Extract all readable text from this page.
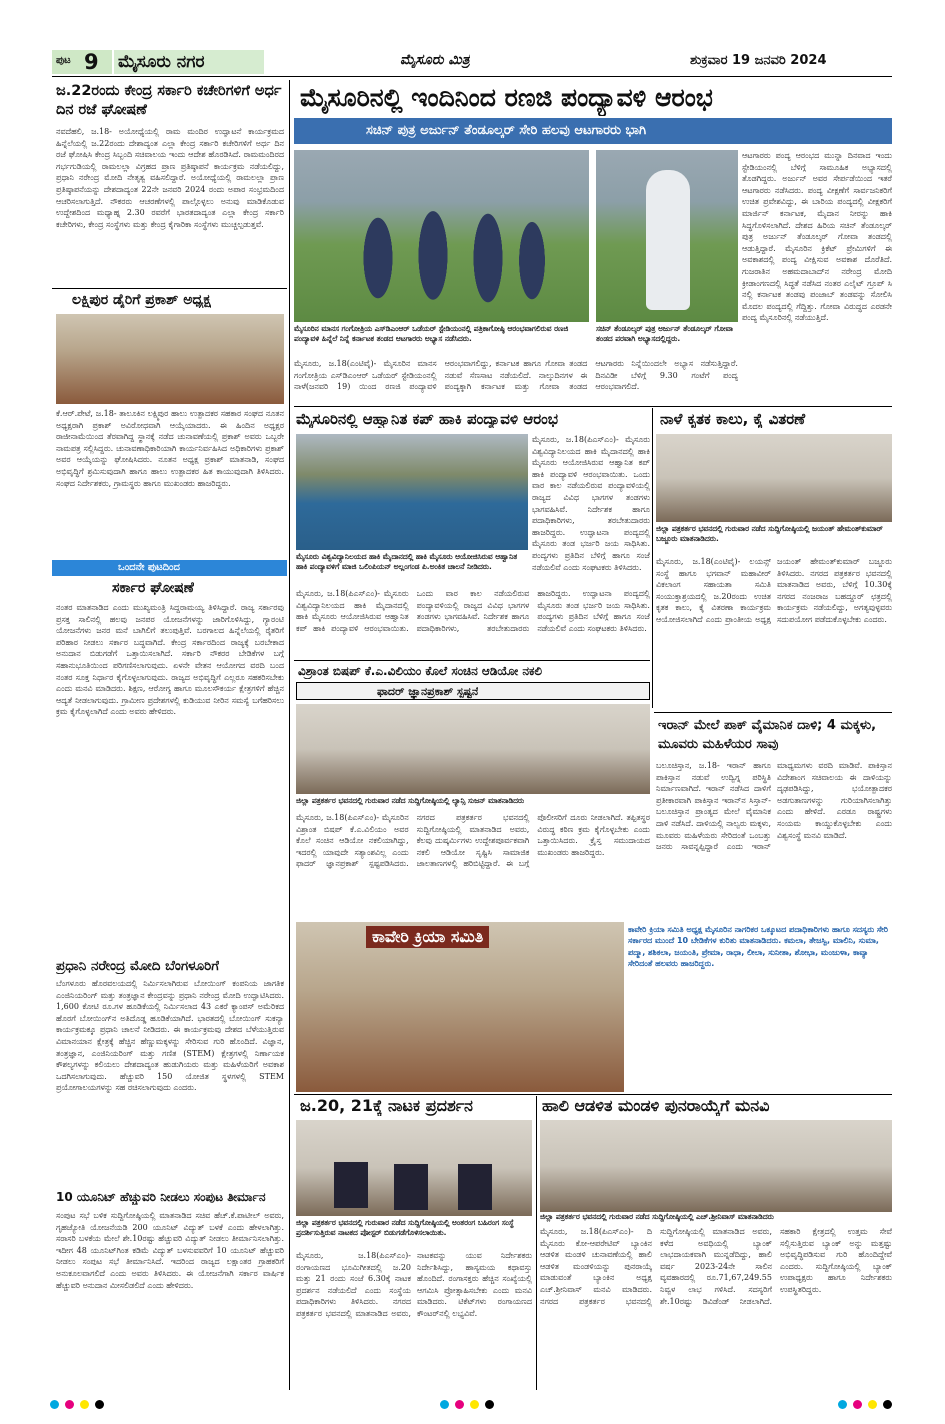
ಪುಟ 9 ಮೈಸೂರು ನಗರ	ಮೈಸೂರು ಮಿತ್ರ	ಶುಕ್ರವಾರ 19 ಜನವರಿ 2024
ಜ.22ರಂದು ಕೇಂದ್ರ ಸರ್ಕಾರಿ ಕಚೇರಿಗಳಿಗೆ ಅರ್ಧ ದಿನ ರಜೆ ಘೋಷಣೆ
ನವದೆಹಲಿ, ಜ.18- ಅಯೋಧ್ಯೆಯಲ್ಲಿ ರಾಮ ಮಂದಿರ ಉದ್ಘಾಟನೆ ಕಾರ್ಯಕ್ರಮದ ಹಿನ್ನೆಲೆಯಲ್ಲಿ ಜ.22ರಂದು ದೇಶಾದ್ಯಂತ ಎಲ್ಲಾ ಕೇಂದ್ರ ಸರ್ಕಾರಿ ಕಚೇರಿಗಳಿಗೆ ಅರ್ಧ ದಿನ ರಜೆ ಘೋಷಿಸಿ ಕೇಂದ್ರ ಸಿಬ್ಬಂದಿ ಸಚಿವಾಲಯ ಇಂದು ಆದೇಶ ಹೊರಡಿಸಿದೆ. ರಾಮಮಂದಿರದ ಗರ್ಭಗುಡಿಯಲ್ಲಿ ರಾಮಲಲ್ಲಾ ವಿಗ್ರಹದ ಪ್ರಾಣ ಪ್ರತಿಷ್ಠಾಪನೆ ಕಾರ್ಯಕ್ರಮ ನಡೆಯಲಿದ್ದು, ಪ್ರಧಾನಿ ನರೇಂದ್ರ ಮೋದಿ ನೇತೃತ್ವ ವಹಿಸಲಿದ್ದಾರೆ. ಅಯೋಧ್ಯೆಯಲ್ಲಿ ರಾಮಲಲ್ಲಾ ಪ್ರಾಣ ಪ್ರತಿಷ್ಠಾಪನೆಯನ್ನು ದೇಶದಾದ್ಯಂತ 22ನೇ ಜನವರಿ 2024 ರಂದು ಅಪಾರ ಸಂಭ್ರಮದಿಂದ ಆಚರಿಸಲಾಗುತ್ತಿದೆ. ನೌಕರರು ಆಚರಣೆಗಳಲ್ಲಿ ಪಾಲ್ಗೊಳ್ಳಲು ಅನುವು ಮಾಡಿಕೊಡುವ ಉದ್ದೇಶದಿಂದ ಮಧ್ಯಾಹ್ನ 2.30 ರವರೆಗೆ ಭಾರತದಾದ್ಯಂತ ಎಲ್ಲಾ ಕೇಂದ್ರ ಸರ್ಕಾರಿ ಕಚೇರಿಗಳು, ಕೇಂದ್ರ ಸಂಸ್ಥೆಗಳು ಮತ್ತು ಕೇಂದ್ರ ಕೈಗಾರಿಕಾ ಸಂಸ್ಥೆಗಳು ಮುಚ್ಚಲ್ಪಡುತ್ತವೆ.
ಲಕ್ಷ್ಮಿಪುರ ಡೈರಿಗೆ ಪ್ರಕಾಶ್ ಅಧ್ಯಕ್ಷ
ಕೆ.ಆರ್.ಪೇಟೆ, ಜ.18- ತಾಲೂಕಿನ ಲಕ್ಷ್ಮಿಪುರ ಹಾಲು ಉತ್ಪಾದಕರ ಸಹಕಾರ ಸಂಘದ ನೂತನ ಅಧ್ಯಕ್ಷರಾಗಿ ಪ್ರಕಾಶ್ ಅವಿರೋಧವಾಗಿ ಆಯ್ಕೆಯಾದರು. ಈ ಹಿಂದಿನ ಅಧ್ಯಕ್ಷರ ರಾಜೀನಾಮೆಯಿಂದ ತೆರವಾಗಿದ್ದ ಸ್ಥಾನಕ್ಕೆ ನಡೆದ ಚುನಾವಣೆಯಲ್ಲಿ ಪ್ರಕಾಶ್ ಅವರು ಒಬ್ಬರೇ ನಾಮಪತ್ರ ಸಲ್ಲಿಸಿದ್ದರು. ಚುನಾವಣಾಧಿಕಾರಿಯಾಗಿ ಕಾರ್ಯನಿರ್ವಹಿಸಿದ ಅಧಿಕಾರಿಗಳು ಪ್ರಕಾಶ್ ಅವರ ಆಯ್ಕೆಯನ್ನು ಘೋಷಿಸಿದರು. ನೂತನ ಅಧ್ಯಕ್ಷ ಪ್ರಕಾಶ್ ಮಾತನಾಡಿ, ಸಂಘದ ಅಭಿವೃದ್ಧಿಗೆ ಶ್ರಮಿಸುವುದಾಗಿ ಹಾಗೂ ಹಾಲು ಉತ್ಪಾದಕರ ಹಿತ ಕಾಯುವುದಾಗಿ ತಿಳಿಸಿದರು. ಸಂಘದ ನಿರ್ದೇಶಕರು, ಗ್ರಾಮಸ್ಥರು ಹಾಗೂ ಮುಖಂಡರು ಹಾಜರಿದ್ದರು.
ಒಂದನೇ ಪುಟದಿಂದ
ಸರ್ಕಾರ ಘೋಷಣೆ
ನಂತರ ಮಾತನಾಡಿದ ಎಂದು ಮುಖ್ಯಮಂತ್ರಿ ಸಿದ್ದರಾಮಯ್ಯ ತಿಳಿಸಿದ್ದಾರೆ. ರಾಜ್ಯ ಸರ್ಕಾರವು ಪ್ರಸಕ್ತ ಸಾಲಿನಲ್ಲಿ ಹಲವು ಜನಪರ ಯೋಜನೆಗಳನ್ನು ಜಾರಿಗೊಳಿಸಿದ್ದು, ಗ್ಯಾರಂಟಿ ಯೋಜನೆಗಳು ಜನರ ಮನೆ ಬಾಗಿಲಿಗೆ ತಲುಪುತ್ತಿವೆ. ಬರಗಾಲದ ಹಿನ್ನೆಲೆಯಲ್ಲಿ ರೈತರಿಗೆ ಪರಿಹಾರ ನೀಡಲು ಸರ್ಕಾರ ಬದ್ಧವಾಗಿದೆ. ಕೇಂದ್ರ ಸರ್ಕಾರದಿಂದ ರಾಜ್ಯಕ್ಕೆ ಬರಬೇಕಾದ ಅನುದಾನ ಬಿಡುಗಡೆಗೆ ಒತ್ತಾಯಿಸಲಾಗಿದೆ. ಸರ್ಕಾರಿ ನೌಕರರ ಬೇಡಿಕೆಗಳ ಬಗ್ಗೆ ಸಹಾನುಭೂತಿಯಿಂದ ಪರಿಗಣಿಸಲಾಗುವುದು. ಏಳನೇ ವೇತನ ಆಯೋಗದ ವರದಿ ಬಂದ ನಂತರ ಸೂಕ್ತ ನಿರ್ಧಾರ ಕೈಗೊಳ್ಳಲಾಗುವುದು. ರಾಜ್ಯದ ಅಭಿವೃದ್ಧಿಗೆ ಎಲ್ಲರೂ ಸಹಕರಿಸಬೇಕು ಎಂದು ಮನವಿ ಮಾಡಿದರು. ಶಿಕ್ಷಣ, ಆರೋಗ್ಯ ಹಾಗೂ ಮೂಲಸೌಕರ್ಯ ಕ್ಷೇತ್ರಗಳಿಗೆ ಹೆಚ್ಚಿನ ಆದ್ಯತೆ ನೀಡಲಾಗುವುದು. ಗ್ರಾಮೀಣ ಪ್ರದೇಶಗಳಲ್ಲಿ ಕುಡಿಯುವ ನೀರಿನ ಸಮಸ್ಯೆ ಬಗೆಹರಿಸಲು ಕ್ರಮ ಕೈಗೊಳ್ಳಲಾಗಿದೆ ಎಂದು ಅವರು ಹೇಳಿದರು.
ಪ್ರಧಾನಿ ನರೇಂದ್ರ ಮೋದಿ ಬೆಂಗಳೂರಿಗೆ
ಬೆಂಗಳೂರು ಹೊರವಲಯದಲ್ಲಿ ನಿರ್ಮಿಸಲಾಗಿರುವ ಬೋಯಿಂಗ್ ಕಂಪನಿಯ ಜಾಗತಿಕ ಎಂಜಿನಿಯರಿಂಗ್ ಮತ್ತು ತಂತ್ರಜ್ಞಾನ ಕೇಂದ್ರವನ್ನು ಪ್ರಧಾನಿ ನರೇಂದ್ರ ಮೋದಿ ಉದ್ಘಾಟಿಸಿದರು. 1,600 ಕೋಟಿ ರೂ.ಗಳ ಹೂಡಿಕೆಯಲ್ಲಿ ನಿರ್ಮಿಸಲಾದ 43 ಎಕರೆ ಕ್ಯಾಂಪಸ್ ಅಮೆರಿಕದ ಹೊರಗೆ ಬೋಯಿಂಗ್‌ನ ಅತಿದೊಡ್ಡ ಹೂಡಿಕೆಯಾಗಿದೆ. ಭಾರತದಲ್ಲಿ ಬೋಯಿಂಗ್ ಸುಕನ್ಯಾ ಕಾರ್ಯಕ್ರಮಕ್ಕೂ ಪ್ರಧಾನಿ ಚಾಲನೆ ನೀಡಿದರು. ಈ ಕಾರ್ಯಕ್ರಮವು ದೇಶದ ಬೆಳೆಯುತ್ತಿರುವ ವಿಮಾನಯಾನ ಕ್ಷೇತ್ರಕ್ಕೆ ಹೆಚ್ಚಿನ ಹೆಣ್ಣುಮಕ್ಕಳನ್ನು ಸೇರಿಸುವ ಗುರಿ ಹೊಂದಿದೆ. ವಿಜ್ಞಾನ, ತಂತ್ರಜ್ಞಾನ, ಎಂಜಿನಿಯರಿಂಗ್ ಮತ್ತು ಗಣಿತ (STEM) ಕ್ಷೇತ್ರಗಳಲ್ಲಿ ನಿರ್ಣಾಯಕ ಕೌಶಲ್ಯಗಳನ್ನು ಕಲಿಯಲು ದೇಶದಾದ್ಯಂತ ಹುಡುಗಿಯರು ಮತ್ತು ಮಹಿಳೆಯರಿಗೆ ಅವಕಾಶ ಒದಗಿಸಲಾಗುವುದು. ಹೆಚ್ಚುವರಿ 150 ಯೋಜಿತ ಸ್ಥಳಗಳಲ್ಲಿ STEM ಪ್ರಯೋಗಾಲಯಗಳನ್ನು ಸಹ ರಚಿಸಲಾಗುವುದು ಎಂದರು.
10 ಯೂನಿಟ್ ಹೆಚ್ಚುವರಿ ನೀಡಲು ಸಂಪುಟ ತೀರ್ಮಾನ
ಸಂಪುಟ ಸಭೆ ಬಳಿಕ ಸುದ್ದಿಗೋಷ್ಠಿಯಲ್ಲಿ ಮಾತನಾಡಿದ ಸಚಿವ ಹೆಚ್.ಕೆ.ಪಾಟೀಲ್ ಅವರು, ಗೃಹಜ್ಯೋತಿ ಯೋಜನೆಯಡಿ 200 ಯೂನಿಟ್ ವಿದ್ಯುತ್ ಬಳಕೆ ಎಂದು ಹೇಳಲಾಗಿತ್ತು. ಸರಾಸರಿ ಬಳಕೆಯ ಮೇಲೆ ಶೇ.10ರಷ್ಟು ಹೆಚ್ಚುವರಿ ವಿದ್ಯುತ್ ನೀಡಲು ತೀರ್ಮಾನಿಸಲಾಗಿತ್ತು. ಇದೀಗ 48 ಯೂನಿಟ್‌ಗಿಂತ ಕಡಿಮೆ ವಿದ್ಯುತ್ ಬಳಸುವವರಿಗೆ 10 ಯೂನಿಟ್ ಹೆಚ್ಚುವರಿ ನೀಡಲು ಸಂಪುಟ ಸಭೆ ತೀರ್ಮಾನಿಸಿದೆ. ಇದರಿಂದ ರಾಜ್ಯದ ಲಕ್ಷಾಂತರ ಗ್ರಾಹಕರಿಗೆ ಅನುಕೂಲವಾಗಲಿದೆ ಎಂದು ಅವರು ತಿಳಿಸಿದರು. ಈ ಯೋಜನೆಗಾಗಿ ಸರ್ಕಾರ ವಾರ್ಷಿಕ ಹೆಚ್ಚುವರಿ ಅನುದಾನ ಮೀಸಲಿಡಲಿದೆ ಎಂದು ಹೇಳಿದರು.
ಮೈಸೂರಿನಲ್ಲಿ ಇಂದಿನಿಂದ ರಣಜಿ ಪಂದ್ಯಾವಳಿ ಆರಂಭ
ಸಚಿನ್ ಪುತ್ರ ಅರ್ಜುನ್ ತೆಂಡೂಲ್ಕರ್ ಸೇರಿ ಹಲವು ಆಟಗಾರರು ಭಾಗಿ
ಮೈಸೂರಿನ ಮಾನಸ ಗಂಗೋತ್ರಿಯ ಎಸ್‌ಡಿಎಂಆರ್ ಒಡೆಯರ್ ಸ್ಟೇಡಿಯಂನಲ್ಲಿ ಪತ್ರಿಕಾಗೋಷ್ಠಿ ಆರಂಭವಾಗಲಿರುವ ರಣಜಿ ಪಂದ್ಯಾವಳಿ ಹಿನ್ನೆಲೆ ನಿನ್ನೆ ಕರ್ನಾಟಕ ತಂಡದ ಆಟಗಾರರು ಅಭ್ಯಾಸ ನಡೆಸಿದರು.
ಸಚಿನ್ ತೆಂಡೂಲ್ಕರ್ ಪುತ್ರ ಅರ್ಜುನ್ ತೆಂಡೂಲ್ಕರ್ ಗೋವಾ ತಂಡದ ಪರವಾಗಿ ಅಭ್ಯಾಸದಲ್ಲಿದ್ದರು.
ಮೈಸೂರು, ಜ.18(ಎಂಟಿವೈ)- ಮೈಸೂರಿನ ಮಾನಸ ಗಂಗೋತ್ರಿಯ ಎಸ್‌ಡಿಎಂಆರ್ ಒಡೆಯರ್ ಸ್ಟೇಡಿಯಂನಲ್ಲಿ ನಾಳೆ(ಜನವರಿ 19) ಯಿಂದ ರಣಜಿ ಪಂದ್ಯಾವಳಿ ಆರಂಭವಾಗಲಿದ್ದು, ಕರ್ನಾಟಕ ಹಾಗೂ ಗೋವಾ ತಂಡದ ನಡುವೆ ಸೆಣಸಾಟ ನಡೆಯಲಿದೆ. ನಾಲ್ಕುದಿನಗಳ ಈ ಪಂದ್ಯಕ್ಕಾಗಿ ಕರ್ನಾಟಕ ಮತ್ತು ಗೋವಾ ತಂಡದ ಆಟಗಾರರು ನಿನ್ನೆಯಿಂದಲೇ ಅಭ್ಯಾಸ ನಡೆಸುತ್ತಿದ್ದಾರೆ. ದಿನವಿಡೀ ಬೆಳಿಗ್ಗೆ 9.30 ಗಂಟೆಗೆ ಪಂದ್ಯ ಆರಂಭವಾಗಲಿದೆ.
ಆಟಗಾರರು ಪಂದ್ಯ ಆರಂಭದ ಮುನ್ನಾ ದಿನವಾದ ಇಂದು ಸ್ಟೇಡಿಯಂನಲ್ಲಿ ಬೆಳಿಗ್ಗೆ ಸಾಮೂಹಿಕ ಅಭ್ಯಾಸದಲ್ಲಿ ತೊಡಗಿದ್ದರು. ಅರ್ಜುನ್ ಅವರ ಸೇರ್ಪಡೆಯಿಂದ ಇತರೆ ಆಟಗಾರರು ನಡೆಸಿದರು. ಪಂದ್ಯ ವೀಕ್ಷಣೆಗೆ ಸಾರ್ವಜನಿಕರಿಗೆ ಉಚಿತ ಪ್ರವೇಶವಿದ್ದು, ಈ ಬಾರಿಯ ಪಂದ್ಯದಲ್ಲಿ ವೀಕ್ಷಕರಿಗೆ ಮಾರ್ಜಿನ್ ಕರ್ನಾಟಕ, ಮೈದಾನ ನೀರನ್ನು ಹಾಕಿ ಸಿದ್ಧಗೊಳಿಸಲಾಗಿದೆ. ದೇಶದ ಹಿರಿಯ ಸಚಿನ್ ತೆಂಡೂಲ್ಕರ್ ಪುತ್ರ ಅರ್ಜುನ್ ತೆಂಡೂಲ್ಕರ್ ಗೋವಾ ತಂಡದಲ್ಲಿ ಆಡುತ್ತಿದ್ದಾರೆ. ಮೈಸೂರಿನ ಕ್ರಿಕೆಟ್ ಪ್ರೇಮಿಗಳಿಗೆ ಈ ಅವಕಾಶದಲ್ಲಿ ಪಂದ್ಯ ವೀಕ್ಷಿಸುವ ಅವಕಾಶ ದೊರೆತಿದೆ. ಗುಜರಾತಿನ ಅಹಮದಾಬಾದ್‌ನ ನರೇಂದ್ರ ಮೋದಿ ಕ್ರೀಡಾಂಗಣದಲ್ಲಿ ಸಿದ್ಧತೆ ನಡೆಸಿದ ನಂತರ ಎಲೈಟ್ ಗ್ರೂಪ್ ಸಿ ನಲ್ಲಿ ಕರ್ನಾಟಕ ತಂಡವು ಪಂಜಾಬ್ ತಂಡವನ್ನು ಸೋಲಿಸಿ ಮೊದಲ ಪಂದ್ಯದಲ್ಲಿ ಗೆದ್ದಿತ್ತು. ಗೋವಾ ವಿರುದ್ಧದ ಎರಡನೇ ಪಂದ್ಯ ಮೈಸೂರಿನಲ್ಲಿ ನಡೆಯುತ್ತಿದೆ.
ಮೈಸೂರಿನಲ್ಲಿ ಆಹ್ವಾನಿತ ಕಪ್ ಹಾಕಿ ಪಂದ್ಯಾವಳಿ ಆರಂಭ
ಮೈಸೂರು, ಜ.18(ಪಿಎಸ್‌ಎಂ)- ಮೈಸೂರು ವಿಶ್ವವಿದ್ಯಾನಿಲಯದ ಹಾಕಿ ಮೈದಾನದಲ್ಲಿ ಹಾಕಿ ಮೈಸೂರು ಆಯೋಜಿಸಿರುವ ಆಹ್ವಾನಿತ ಕಪ್ ಹಾಕಿ ಪಂದ್ಯಾವಳಿ ಆರಂಭವಾಯಿತು. ಒಂದು ವಾರ ಕಾಲ ನಡೆಯಲಿರುವ ಪಂದ್ಯಾವಳಿಯಲ್ಲಿ ರಾಜ್ಯದ ವಿವಿಧ ಭಾಗಗಳ ತಂಡಗಳು ಭಾಗವಹಿಸಿವೆ. ನಿರ್ದೇಶಕ ಹಾಗೂ ಪದಾಧಿಕಾರಿಗಳು, ತರಬೇತುದಾರರು ಹಾಜರಿದ್ದರು. ಉದ್ಘಾಟನಾ ಪಂದ್ಯದಲ್ಲಿ ಮೈಸೂರು ತಂಡ ಭರ್ಜರಿ ಜಯ ಸಾಧಿಸಿತು. ಪಂದ್ಯಗಳು ಪ್ರತಿದಿನ ಬೆಳಿಗ್ಗೆ ಹಾಗೂ ಸಂಜೆ ನಡೆಯಲಿವೆ ಎಂದು ಸಂಘಟಕರು ತಿಳಿಸಿದರು.
ಮೈಸೂರು ವಿಶ್ವವಿದ್ಯಾನಿಲಯದ ಹಾಕಿ ಮೈದಾನದಲ್ಲಿ ಹಾಕಿ ಮೈಸೂರು ಆಯೋಜಿಸಿರುವ ಆಹ್ವಾನಿತ ಹಾಕಿ ಪಂದ್ಯಾವಳಿಗೆ ಮಾಜಿ ಒಲಿಂಪಿಯನ್ ಅಲ್ಲಂಗಂಡ ಪಿ.ಅಂಕಿತ ಚಾಲನೆ ನೀಡಿದರು.
ಮೈಸೂರು, ಜ.18(ಪಿಎಸ್‌ಎಂ)- ಮೈಸೂರು ವಿಶ್ವವಿದ್ಯಾನಿಲಯದ ಹಾಕಿ ಮೈದಾನದಲ್ಲಿ ಹಾಕಿ ಮೈಸೂರು ಆಯೋಜಿಸಿರುವ ಆಹ್ವಾನಿತ ಕಪ್ ಹಾಕಿ ಪಂದ್ಯಾವಳಿ ಆರಂಭವಾಯಿತು. ಒಂದು ವಾರ ಕಾಲ ನಡೆಯಲಿರುವ ಪಂದ್ಯಾವಳಿಯಲ್ಲಿ ರಾಜ್ಯದ ವಿವಿಧ ಭಾಗಗಳ ತಂಡಗಳು ಭಾಗವಹಿಸಿವೆ. ನಿರ್ದೇಶಕ ಹಾಗೂ ಪದಾಧಿಕಾರಿಗಳು, ತರಬೇತುದಾರರು ಹಾಜರಿದ್ದರು. ಉದ್ಘಾಟನಾ ಪಂದ್ಯದಲ್ಲಿ ಮೈಸೂರು ತಂಡ ಭರ್ಜರಿ ಜಯ ಸಾಧಿಸಿತು. ಪಂದ್ಯಗಳು ಪ್ರತಿದಿನ ಬೆಳಿಗ್ಗೆ ಹಾಗೂ ಸಂಜೆ ನಡೆಯಲಿವೆ ಎಂದು ಸಂಘಟಕರು ತಿಳಿಸಿದರು.
ನಾಳೆ ಕೃತಕ ಕಾಲು, ಕೈ ವಿತರಣೆ
ಜಿಲ್ಲಾ ಪತ್ರಕರ್ತರ ಭವನದಲ್ಲಿ ಗುರುವಾರ ನಡೆದ ಸುದ್ದಿಗೋಷ್ಠಿಯಲ್ಲಿ ಜಯಂತ್ ಹೇಮಂತ್‌ಕುಮಾರ್ ಬಜ್ಜೂರು ಮಾತನಾಡಿದರು.
ಮೈಸೂರು, ಜ.18(ಎಂಟಿವೈ)- ಲಯನ್ಸ್ ಸಂಸ್ಥೆ ಹಾಗೂ ಭಗವಾನ್ ಮಹಾವೀರ್ ವಿಕಲಾಂಗ ಸಹಾಯತಾ ಸಮಿತಿ ಸಂಯುಕ್ತಾಶ್ರಯದಲ್ಲಿ ಜ.20ರಂದು ಉಚಿತ ಕೃತಕ ಕಾಲು, ಕೈ ವಿತರಣಾ ಕಾರ್ಯಕ್ರಮ ಆಯೋಜಿಸಲಾಗಿದೆ ಎಂದು ಪ್ರಾಂತೀಯ ಅಧ್ಯಕ್ಷ ಜಯಂತ್ ಹೇಮಂತ್‌ಕುಮಾರ್ ಬಜ್ಜೂರು ತಿಳಿಸಿದರು. ನಗರದ ಪತ್ರಕರ್ತರ ಭವನದಲ್ಲಿ ಮಾತನಾಡಿದ ಅವರು, ಬೆಳಿಗ್ಗೆ 10.30ಕ್ಕೆ ನಗರದ ನಂಜರಾಜ ಬಹದ್ದೂರ್ ಛತ್ರದಲ್ಲಿ ಕಾರ್ಯಕ್ರಮ ನಡೆಯಲಿದ್ದು, ಅಗತ್ಯವುಳ್ಳವರು ಸದುಪಯೋಗ ಪಡೆದುಕೊಳ್ಳಬೇಕು ಎಂದರು.
ವಿಶ್ರಾಂತ ಬಿಷಪ್ ಕೆ.ಎ.ವಿಲಿಯಂ ಕೊಲೆ ಸಂಚಿನ ಆಡಿಯೋ ನಕಲಿ
ಫಾದರ್ ಜ್ಞಾನಪ್ರಕಾಶ್ ಸ್ಪಷ್ಟನೆ
ಜಿಲ್ಲಾ ಪತ್ರಕರ್ತರ ಭವನದಲ್ಲಿ ಗುರುವಾರ ನಡೆದ ಸುದ್ದಿಗೋಷ್ಠಿಯಲ್ಲಿ ಲ್ಯಾನ್ಸಿ ಸುಜನ್ ಮಾತನಾಡಿದರು
ಮೈಸೂರು, ಜ.18(ಪಿಎಸ್‌ಎಂ)- ಮೈಸೂರಿನ ವಿಶ್ರಾಂತ ಬಿಷಪ್ ಕೆ.ಎ.ವಿಲಿಯಂ ಅವರ ಕೊಲೆ ಸಂಚಿನ ಆಡಿಯೋ ನಕಲಿಯಾಗಿದ್ದು, ಇದರಲ್ಲಿ ಯಾವುದೇ ಸತ್ಯಾಂಶವಿಲ್ಲ ಎಂದು ಫಾದರ್ ಜ್ಞಾನಪ್ರಕಾಶ್ ಸ್ಪಷ್ಟಪಡಿಸಿದರು. ನಗರದ ಪತ್ರಕರ್ತರ ಭವನದಲ್ಲಿ ಸುದ್ದಿಗೋಷ್ಠಿಯಲ್ಲಿ ಮಾತನಾಡಿದ ಅವರು, ಕೆಲವು ದುಷ್ಕರ್ಮಿಗಳು ಉದ್ದೇಶಪೂರ್ವಕವಾಗಿ ನಕಲಿ ಆಡಿಯೋ ಸೃಷ್ಟಿಸಿ ಸಾಮಾಜಿಕ ಜಾಲತಾಣಗಳಲ್ಲಿ ಹರಿಬಿಟ್ಟಿದ್ದಾರೆ. ಈ ಬಗ್ಗೆ ಪೊಲೀಸರಿಗೆ ದೂರು ನೀಡಲಾಗಿದೆ. ತಪ್ಪಿತಸ್ಥರ ವಿರುದ್ಧ ಕಠಿಣ ಕ್ರಮ ಕೈಗೊಳ್ಳಬೇಕು ಎಂದು ಒತ್ತಾಯಿಸಿದರು. ಕ್ರೈಸ್ತ ಸಮುದಾಯದ ಮುಖಂಡರು ಹಾಜರಿದ್ದರು.
ಇರಾನ್ ಮೇಲೆ ಪಾಕ್ ವೈಮಾನಿಕ ದಾಳಿ; 4 ಮಕ್ಕಳು, ಮೂವರು ಮಹಿಳೆಯರ ಸಾವು
ಬಲೂಚಿಸ್ತಾನ, ಜ.18- ಇರಾನ್ ಹಾಗೂ ಪಾಕಿಸ್ತಾನ ನಡುವೆ ಉದ್ವಿಗ್ನ ಪರಿಸ್ಥಿತಿ ನಿರ್ಮಾಣವಾಗಿದೆ. ಇರಾನ್ ನಡೆಸಿದ ದಾಳಿಗೆ ಪ್ರತೀಕಾರವಾಗಿ ಪಾಕಿಸ್ತಾನ ಇರಾನ್‌ನ ಸಿಸ್ತಾನ್-ಬಲೂಚಿಸ್ತಾನ ಪ್ರಾಂತ್ಯದ ಮೇಲೆ ವೈಮಾನಿಕ ದಾಳಿ ನಡೆಸಿದೆ. ದಾಳಿಯಲ್ಲಿ ನಾಲ್ವರು ಮಕ್ಕಳು, ಮೂವರು ಮಹಿಳೆಯರು ಸೇರಿದಂತೆ ಒಂಬತ್ತು ಜನರು ಸಾವನ್ನಪ್ಪಿದ್ದಾರೆ ಎಂದು ಇರಾನ್ ಮಾಧ್ಯಮಗಳು ವರದಿ ಮಾಡಿವೆ. ಪಾಕಿಸ್ತಾನ ವಿದೇಶಾಂಗ ಸಚಿವಾಲಯ ಈ ದಾಳಿಯನ್ನು ದೃಢಪಡಿಸಿದ್ದು, ಭಯೋತ್ಪಾದಕರ ಅಡಗುತಾಣಗಳನ್ನು ಗುರಿಯಾಗಿಸಲಾಗಿತ್ತು ಎಂದು ಹೇಳಿದೆ. ಎರಡೂ ರಾಷ್ಟ್ರಗಳು ಸಂಯಮ ಕಾಯ್ದುಕೊಳ್ಳಬೇಕು ಎಂದು ವಿಶ್ವಸಂಸ್ಥೆ ಮನವಿ ಮಾಡಿದೆ.
ಕಾವೇರಿ ಕ್ರಿಯಾ ಸಮಿತಿ	ಕಾವೇರಿ ಕ್ರಿಯಾ ಸಮಿತಿ ಅಧ್ಯಕ್ಷ ಮೈಸೂರಿನ ನಾಗರಿಕರ ಒಕ್ಕೂಟದ ಪದಾಧಿಕಾರಿಗಳು ಹಾಗೂ ಸದಸ್ಯರು ಸೇರಿ ಸರ್ಕಾರದ ಮುಂದೆ 10 ಬೇಡಿಕೆಗಳ ಕುರಿತು ಮಾತನಾಡಿದರು. ಕಮಲಾ, ತೇಜಸ್ವಿ, ಮಾಲಿನಿ, ಸುಮಾ, ಪದ್ಮಾ, ಶಶಿಕಲಾ, ಜಯಂತಿ, ಪ್ರೇಮಾ, ರಾಧಾ, ಲೀಲಾ, ಸುನೀತಾ, ಶೋಭಾ, ಮಂಜುಳಾ, ಕಾವ್ಯಾ ಸೇರಿದಂತೆ ಹಲವರು ಹಾಜರಿದ್ದರು.
ಜ.20, 21ಕ್ಕೆ ನಾಟಕ ಪ್ರದರ್ಶನ
ಜಿಲ್ಲಾ ಪತ್ರಕರ್ತರ ಭವನದಲ್ಲಿ ಗುರುವಾರ ನಡೆದ ಸುದ್ದಿಗೋಷ್ಠಿಯಲ್ಲಿ ಅಂತರಂಗ ಬಹಿರಂಗ ಸಂಸ್ಥೆ ಪ್ರದರ್ಶಿಸುತ್ತಿರುವ ನಾಟಕದ ಪೋಸ್ಟರ್ ಬಿಡುಗಡೆಗೊಳಿಸಲಾಯಿತು.
ಮೈಸೂರು, ಜ.18(ಪಿಎಸ್‌ಎಂ)- ರಂಗಾಯಣದ ಭೂಮಿಗೀತದಲ್ಲಿ ಜ.20 ಮತ್ತು 21 ರಂದು ಸಂಜೆ 6.30ಕ್ಕೆ ನಾಟಕ ಪ್ರದರ್ಶನ ನಡೆಯಲಿದೆ ಎಂದು ಸಂಸ್ಥೆಯ ಪದಾಧಿಕಾರಿಗಳು ತಿಳಿಸಿದರು. ನಗರದ ಪತ್ರಕರ್ತರ ಭವನದಲ್ಲಿ ಮಾತನಾಡಿದ ಅವರು, ನಾಟಕವನ್ನು ಯುವ ನಿರ್ದೇಶಕರು ನಿರ್ದೇಶಿಸಿದ್ದು, ಹಾಸ್ಯಮಯ ಕಥಾವಸ್ತು ಹೊಂದಿದೆ. ರಂಗಾಸಕ್ತರು ಹೆಚ್ಚಿನ ಸಂಖ್ಯೆಯಲ್ಲಿ ಆಗಮಿಸಿ ಪ್ರೋತ್ಸಾಹಿಸಬೇಕು ಎಂದು ಮನವಿ ಮಾಡಿದರು. ಟಿಕೆಟ್‌ಗಳು ರಂಗಾಯಣದ ಕೌಂಟರ್‌ನಲ್ಲಿ ಲಭ್ಯವಿವೆ.
ಹಾಲಿ ಆಡಳಿತ ಮಂಡಳಿ ಪುನರಾಯ್ಕೆಗೆ ಮನವಿ
ಜಿಲ್ಲಾ ಪತ್ರಕರ್ತರ ಭವನದಲ್ಲಿ ಗುರುವಾರ ನಡೆದ ಸುದ್ದಿಗೋಷ್ಠಿಯಲ್ಲಿ ಎಚ್.ಶ್ರೀನಿವಾಸ್ ಮಾತನಾಡಿದರು
ಮೈಸೂರು, ಜ.18(ಪಿಎಸ್‌ಎಂ)- ದಿ ಮೈಸೂರು ಕೋ-ಆಪರೇಟಿವ್ ಬ್ಯಾಂಕಿನ ಆಡಳಿತ ಮಂಡಳಿ ಚುನಾವಣೆಯಲ್ಲಿ ಹಾಲಿ ಆಡಳಿತ ಮಂಡಳಿಯನ್ನು ಪುನರಾಯ್ಕೆ ಮಾಡುವಂತೆ ಬ್ಯಾಂಕಿನ ಅಧ್ಯಕ್ಷ ಎಚ್.ಶ್ರೀನಿವಾಸ್ ಮನವಿ ಮಾಡಿದರು. ನಗರದ ಪತ್ರಕರ್ತರ ಭವನದಲ್ಲಿ ಸುದ್ದಿಗೋಷ್ಠಿಯಲ್ಲಿ ಮಾತನಾಡಿದ ಅವರು, ಕಳೆದ ಅವಧಿಯಲ್ಲಿ ಬ್ಯಾಂಕ್ ಲಾಭದಾಯಕವಾಗಿ ಮುನ್ನಡೆದಿದ್ದು, ಹಾಲಿ ವರ್ಷ 2023-24ನೇ ಸಾಲಿನ ವ್ಯವಹಾರದಲ್ಲಿ ರೂ.71,67,249.55 ನಿವ್ವಳ ಲಾಭ ಗಳಿಸಿದೆ. ಸದಸ್ಯರಿಗೆ ಶೇ.10ರಷ್ಟು ಡಿವಿಡೆಂಡ್ ನೀಡಲಾಗಿದೆ. ಸಹಕಾರಿ ಕ್ಷೇತ್ರದಲ್ಲಿ ಉತ್ತಮ ಸೇವೆ ಸಲ್ಲಿಸುತ್ತಿರುವ ಬ್ಯಾಂಕ್ ಅನ್ನು ಮತ್ತಷ್ಟು ಅಭಿವೃದ್ಧಿಪಡಿಸುವ ಗುರಿ ಹೊಂದಿದ್ದೇವೆ ಎಂದರು. ಸುದ್ದಿಗೋಷ್ಠಿಯಲ್ಲಿ ಬ್ಯಾಂಕ್ ಉಪಾಧ್ಯಕ್ಷರು ಹಾಗೂ ನಿರ್ದೇಶಕರು ಉಪಸ್ಥಿತರಿದ್ದರು.
